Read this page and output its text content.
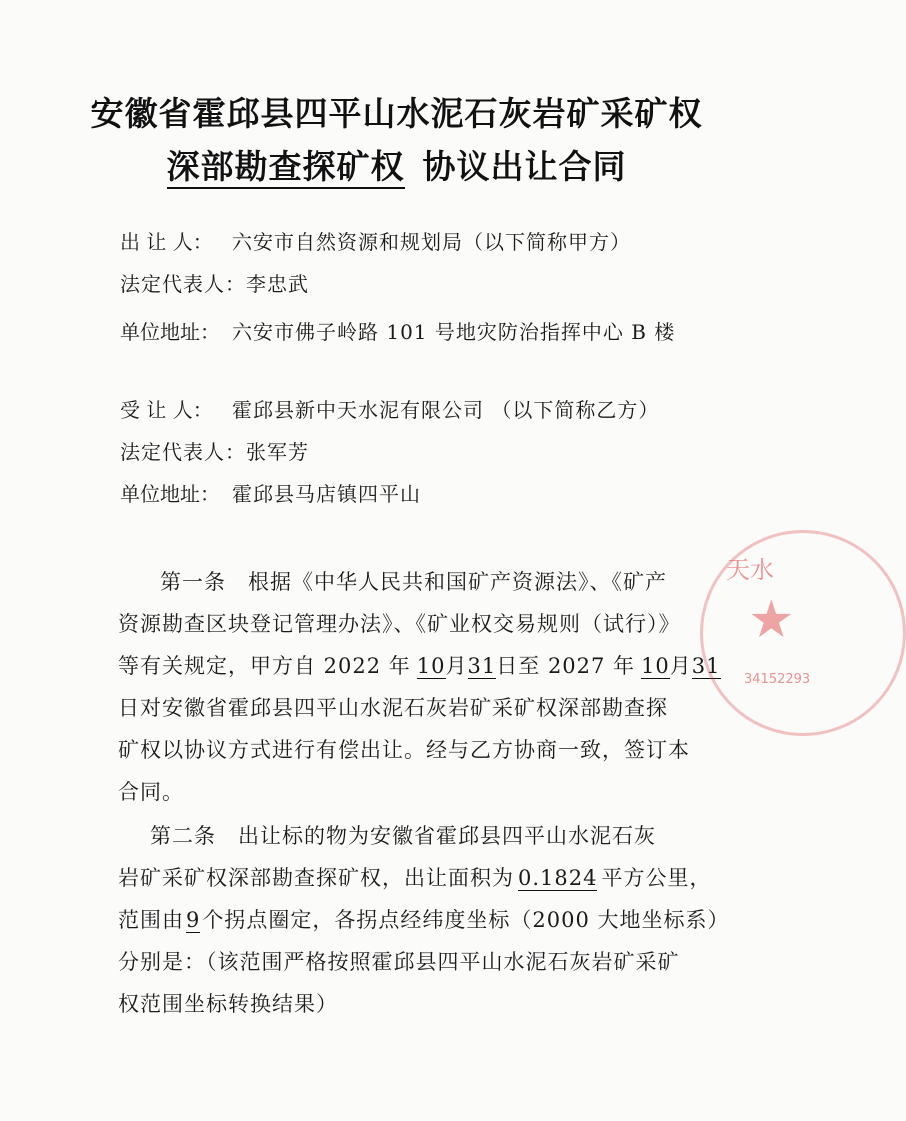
安徽省霍邱县四平山水泥石灰岩矿采矿权
深部勘查探矿权 协议出让合同
出 让 人： 六安市自然资源和规划局（以下简称甲方）
法定代表人：李忠武
单位地址： 六安市佛子岭路 101 号地灾防治指挥中心 B 楼
受 让 人： 霍邱县新中天水泥有限公司 （以下简称乙方）
法定代表人：张军芳
单位地址： 霍邱县马店镇四平山
第一条　根据《中华人民共和国矿产资源法》、《矿产
资源勘查区块登记管理办法》、《矿业权交易规则（试行）》
等有关规定，甲方自 2022 年 10月31日至 2027 年 10月31
日对安徽省霍邱县四平山水泥石灰岩矿采矿权深部勘查探
矿权以协议方式进行有偿出让。经与乙方协商一致，签订本
合同。
第二条　出让标的物为安徽省霍邱县四平山水泥石灰
岩矿采矿权深部勘查探矿权，出让面积为 0.1824 平方公里，
范围由9个拐点圈定，各拐点经纬度坐标（2000 大地坐标系）
分别是：（该范围严格按照霍邱县四平山水泥石灰岩矿采矿
权范围坐标转换结果）
天水
★
34152293
